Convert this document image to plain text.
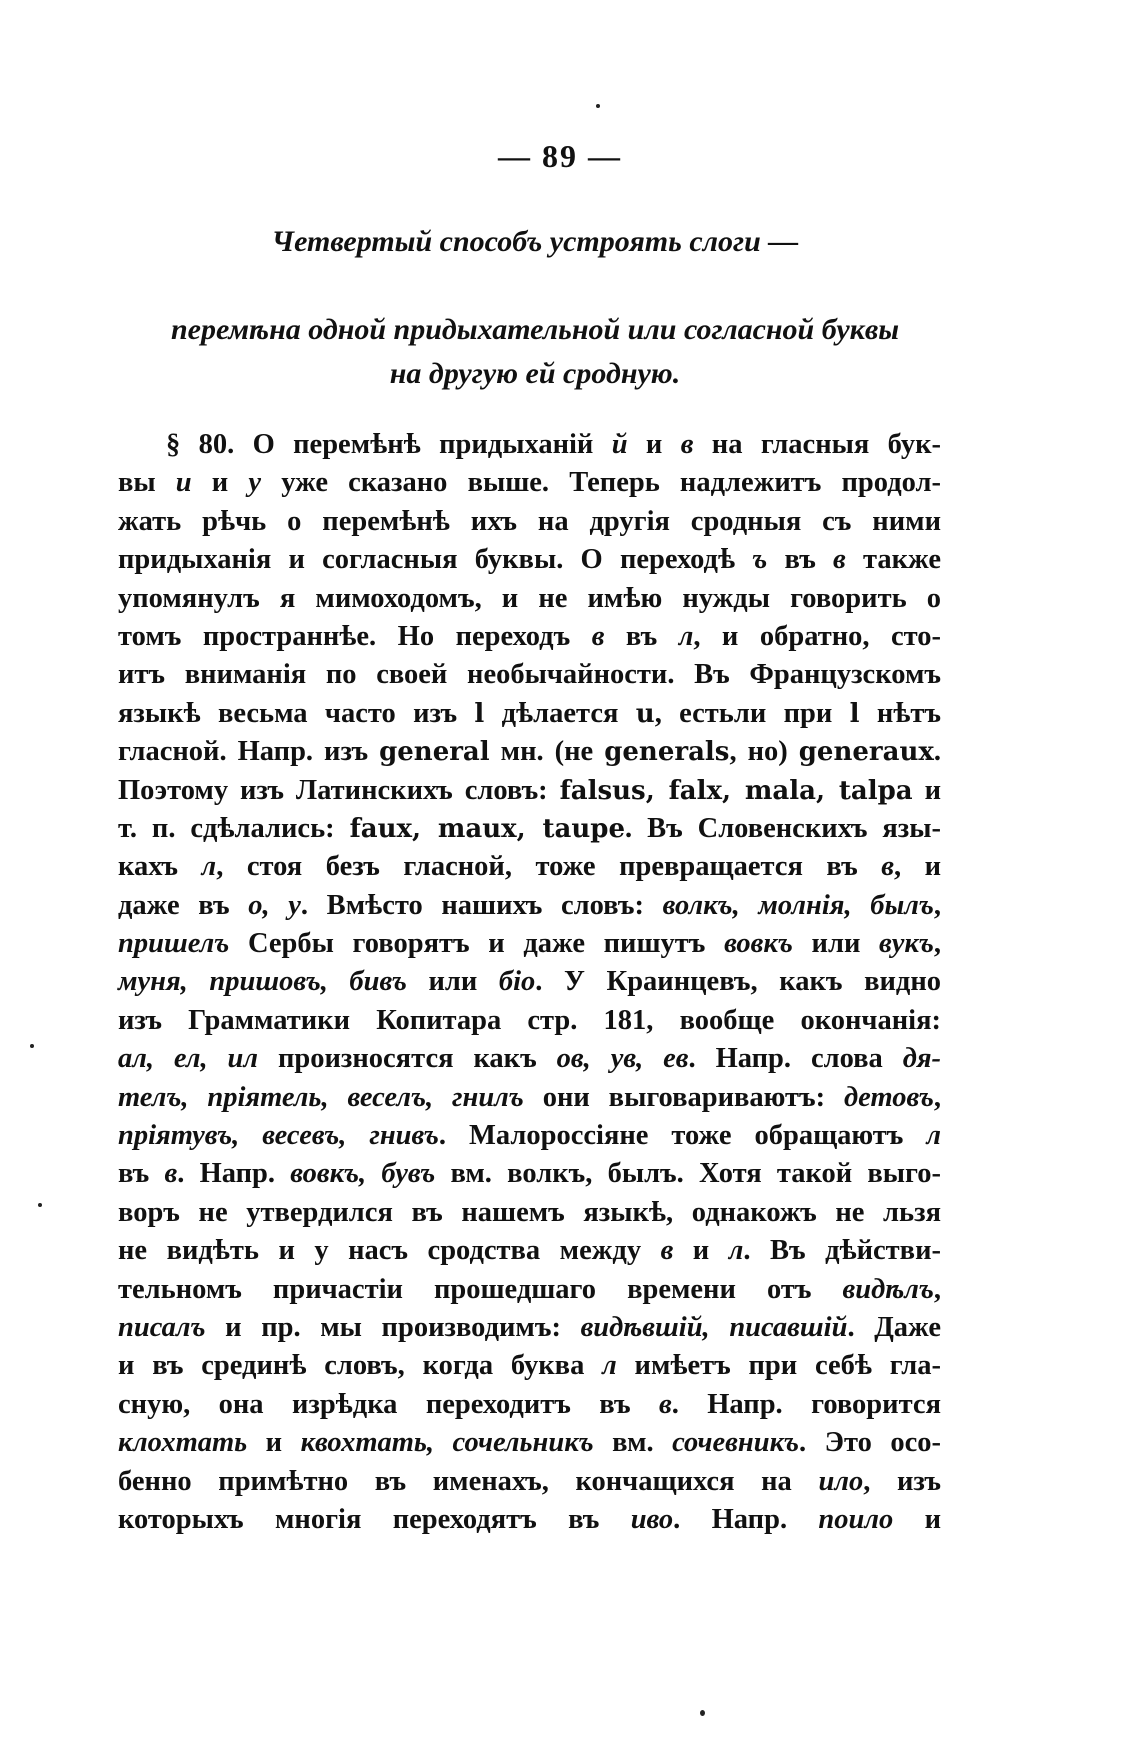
— 89 —
Четвертый способъ устроять слоги —
перемѣна одной придыхательной или согласной буквы
на другую ей сродную.
§ 80. О перемѣнѣ придыханій й и в на гласныя бук-
вы и и у уже сказано выше. Теперь надлежитъ продол-
жать рѣчь о перемѣнѣ ихъ на другія сродныя съ ними
придыханія и согласныя буквы. О переходѣ ъ въ в также
упомянулъ я мимоходомъ, и не имѣю нужды говорить о
томъ пространнѣе. Но переходъ в въ л, и обратно, сто-
итъ вниманія по своей необычайности. Въ Французскомъ
языкѣ весьма часто изъ l дѣлается u, естьли при l нѣтъ
гласной. Напр. изъ general мн. (не generals, но) generaux.
Поэтому изъ Латинскихъ словъ: falsus, falx, mala, talpa и
т. п. сдѣлались: faux, maux, taupe. Въ Словенскихъ язы-
кахъ л, стоя безъ гласной, тоже превращается въ в, и
даже въ о, у. Вмѣсто нашихъ словъ: волкъ, молнія, былъ,
пришелъ Сербы говорятъ и даже пишутъ вовкъ или вукъ,
муня, пришовъ, бивъ или біо. У Краинцевъ, какъ видно
изъ Грамматики Копитара стр. 181, вообще окончанія:
ал, ел, ил произносятся какъ ов, ув, ев. Напр. слова дя-
телъ, пріятель, веселъ, гнилъ они выговариваютъ: детовъ,
пріятувъ, весевъ, гнивъ. Малороссіяне тоже обращаютъ л
въ в. Напр. вовкъ, бувъ вм. волкъ, былъ. Хотя такой выго-
воръ не утвердился въ нашемъ языкѣ, однакожъ не льзя
не видѣть и у насъ сродства между в и л. Въ дѣйстви-
тельномъ причастіи прошедшаго времени отъ видѣлъ,
писалъ и пр. мы производимъ: видѣвшій, писавшій. Даже
и въ срединѣ словъ, когда буква л имѣетъ при себѣ гла-
сную, она изрѣдка переходитъ въ в. Напр. говорится
клохтать и квохтать, сочельникъ вм. сочевникъ. Это осо-
бенно примѣтно въ именахъ, кончащихся на ило, изъ
которыхъ многія переходятъ въ иво. Напр. поило и
